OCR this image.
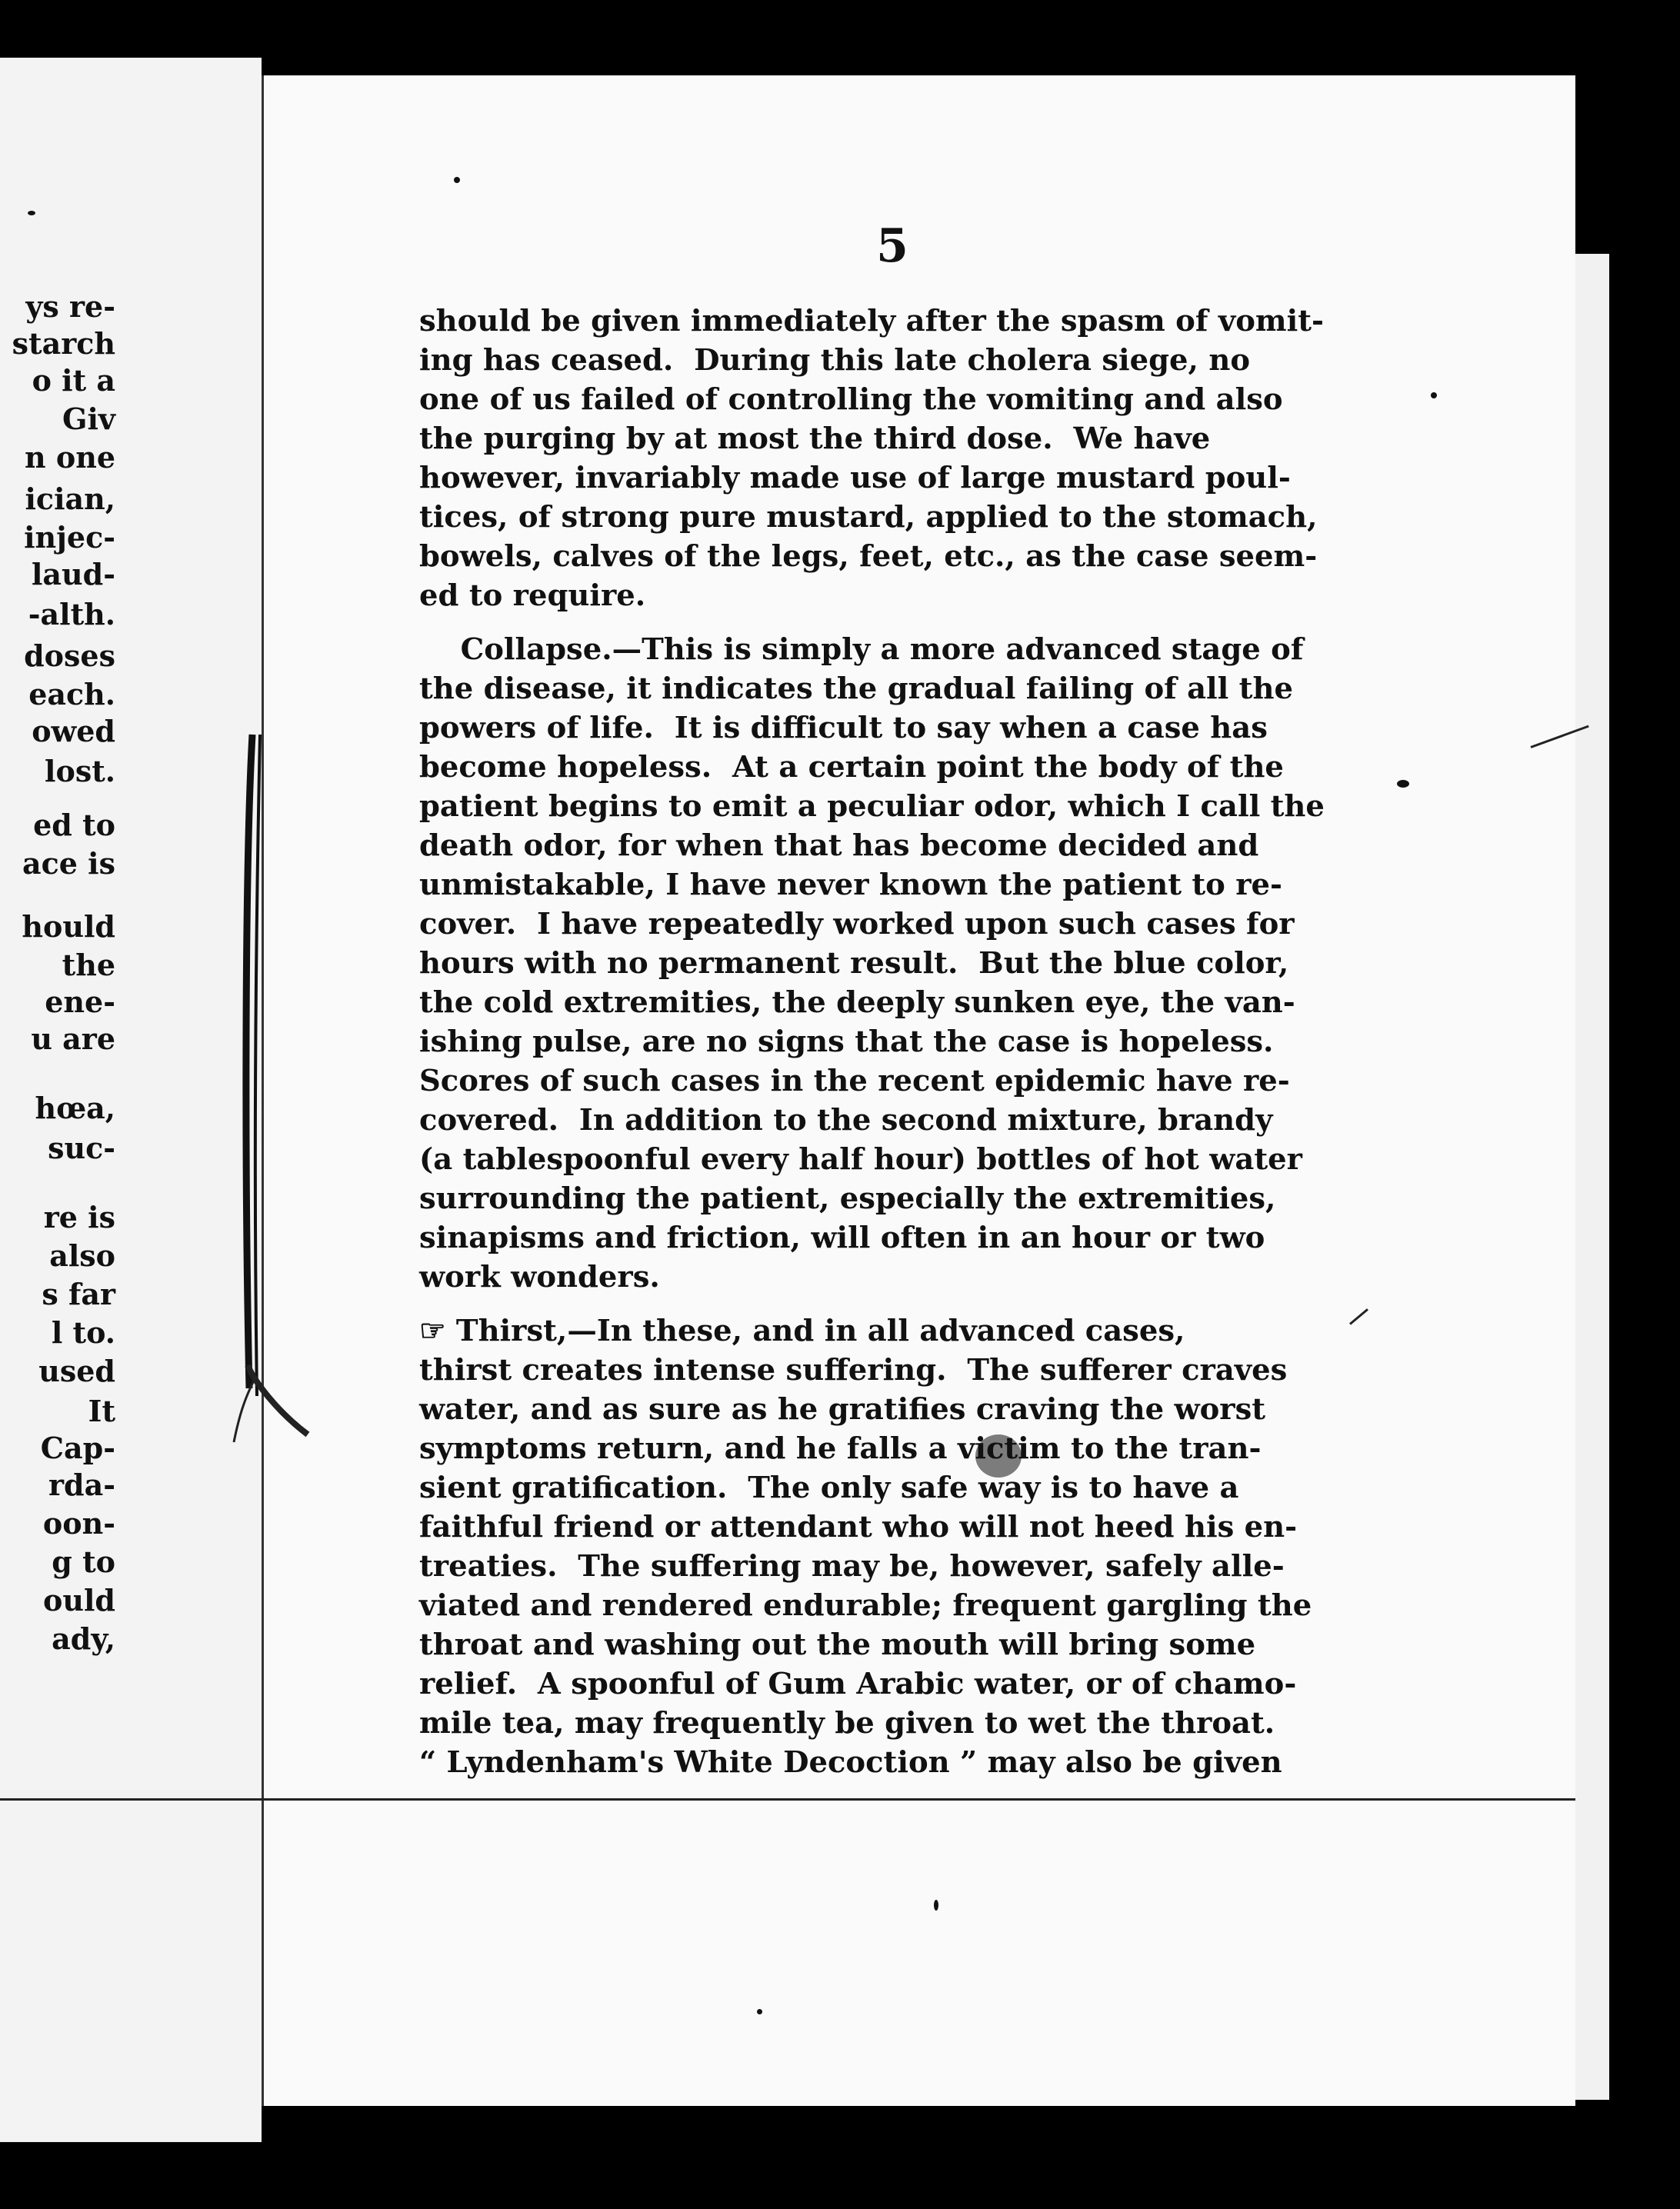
ys re-
starch
o it a
Giv
n one
ician,
injec-
laud-
-alth.
doses
each.
owed
lost.
ed to
ace is
hould
the
ene-
u are
hœa,
suc-
re is
also
s far
l to.
used
It
Cap-
rda-
oon-
g to
ould
ady,
5

should be given immediately after the spasm of vomit-

ing has ceased.  During this late cholera siege, no

one of us failed of controlling the vomiting and also

the purging by at most the third dose.  We have

however, invariably made use of large mustard poul-

tices, of strong pure mustard, applied to the stomach,

bowels, calves of the legs, feet, etc., as the case seem-

ed to require.

Collapse.—This is simply a more advanced stage of

the disease, it indicates the gradual failing of all the

powers of life.  It is difficult to say when a case has

become hopeless.  At a certain point the body of the

patient begins to emit a peculiar odor, which I call the

death odor, for when that has become decided and

unmistakable, I have never known the patient to re-

cover.  I have repeatedly worked upon such cases for

hours with no permanent result.  But the blue color,

the cold extremities, the deeply sunken eye, the van-

ishing pulse, are no signs that the case is hopeless.

Scores of such cases in the recent epidemic have re-

covered.  In addition to the second mixture, brandy

(a tablespoonful every half hour) bottles of hot water

surrounding the patient, especially the extremities,

sinapisms and friction, will often in an hour or two

work wonders.

☞ Thirst,—In these, and in all advanced cases,

thirst creates intense suffering.  The sufferer craves

water, and as sure as he gratifies craving the worst

symptoms return, and he falls a victim to the tran-

sient gratification.  The only safe way is to have a

faithful friend or attendant who will not heed his en-

treaties.  The suffering may be, however, safely alle-

viated and rendered endurable; frequent gargling the

throat and washing out the mouth will bring some

relief.  A spoonful of Gum Arabic water, or of chamo-

mile tea, may frequently be given to wet the throat.

“ Lyndenham's White Decoction ” may also be given
